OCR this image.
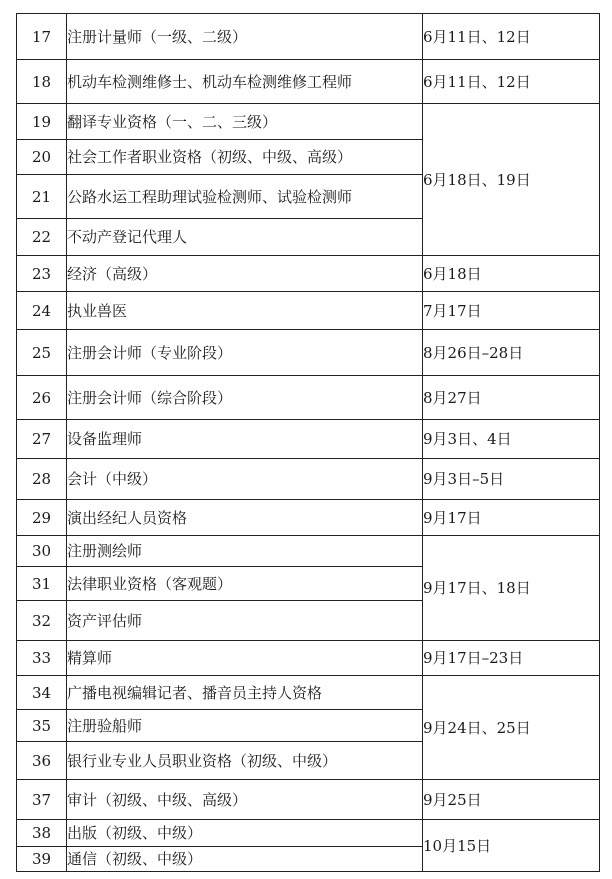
17	注册计量师（一级、二级）	6月11日、12日
18	机动车检测维修士、机动车检测维修工程师	6月11日、12日
19	翻译专业资格（一、二、三级）	6月18日、19日
20	社会工作者职业资格（初级、中级、高级）	
21	公路水运工程助理试验检测师、试验检测师	
22	不动产登记代理人	
23	经济（高级）	6月18日
24	执业兽医	7月17日
25	注册会计师（专业阶段）	8月26日–28日
26	注册会计师（综合阶段）	8月27日
27	设备监理师	9月3日、4日
28	会计（中级）	9月3日–5日
29	演出经纪人员资格	9月17日
30	注册测绘师	9月17日、18日
31	法律职业资格（客观题）	
32	资产评估师	
33	精算师	9月17日–23日
34	广播电视编辑记者、播音员主持人资格	9月24日、25日
35	注册验船师	
36	银行业专业人员职业资格（初级、中级）	
37	审计（初级、中级、高级）	9月25日
38	出版（初级、中级）	10月15日
39	通信（初级、中级）	
